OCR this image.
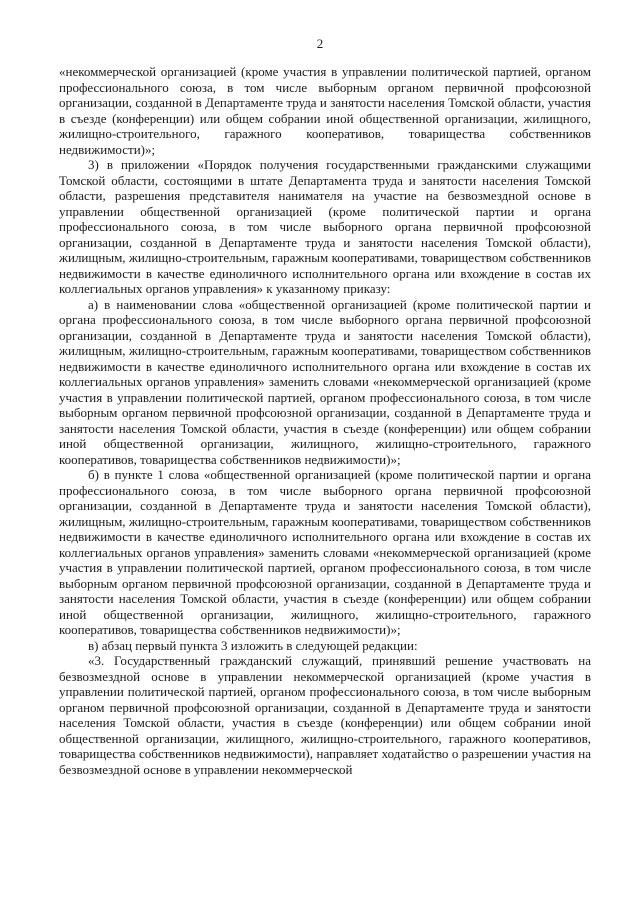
2

«некоммерческой организацией (кроме участия в управлении политической партией, органом профессионального союза, в том числе выборным органом первичной профсоюзной организации, созданной в Департаменте труда и занятости населения Томской области, участия в съезде (конференции) или общем собрании иной общественной организации, жилищного, жилищно-строительного, гаражного кооперативов, товарищества собственников недвижимости)»;

3) в приложении «Порядок получения государственными гражданскими служащими Томской области, состоящими в штате Департамента труда и занятости населения Томской области, разрешения представителя нанимателя на участие на безвозмездной основе в управлении общественной организацией (кроме политической партии и органа профессионального союза, в том числе выборного органа первичной профсоюзной организации, созданной в Департаменте труда и занятости населения Томской области), жилищным, жилищно-строительным, гаражным кооперативами, товариществом собственников недвижимости в качестве единоличного исполнительного органа или вхождение в состав их коллегиальных органов управления» к указанному приказу:

а) в наименовании слова «общественной организацией (кроме политической партии и органа профессионального союза, в том числе выборного органа первичной профсоюзной организации, созданной в Департаменте труда и занятости населения Томской области), жилищным, жилищно-строительным, гаражным кооперативами, товариществом собственников недвижимости в качестве единоличного исполнительного органа или вхождение в состав их коллегиальных органов управления» заменить словами «некоммерческой организацией (кроме участия в управлении политической партией, органом профессионального союза, в том числе выборным органом первичной профсоюзной организации, созданной в Департаменте труда и занятости населения Томской области, участия в съезде (конференции) или общем собрании иной общественной организации, жилищного, жилищно-строительного, гаражного кооперативов, товарищества собственников недвижимости)»;

б) в пункте 1 слова «общественной организацией (кроме политической партии и органа профессионального союза, в том числе выборного органа первичной профсоюзной организации, созданной в Департаменте труда и занятости населения Томской области), жилищным, жилищно-строительным, гаражным кооперативами, товариществом собственников недвижимости в качестве единоличного исполнительного органа или вхождение в состав их коллегиальных органов управления» заменить словами «некоммерческой организацией (кроме участия в управлении политической партией, органом профессионального союза, в том числе выборным органом первичной профсоюзной организации, созданной в Департаменте труда и занятости населения Томской области, участия в съезде (конференции) или общем собрании иной общественной организации, жилищного, жилищно-строительного, гаражного кооперативов, товарищества собственников недвижимости)»;

в) абзац первый пункта 3 изложить в следующей редакции:

«3. Государственный гражданский служащий, принявший решение участвовать на безвозмездной основе в управлении некоммерческой организацией (кроме участия в управлении политической партией, органом профессионального союза, в том числе выборным органом первичной профсоюзной организации, созданной в Департаменте труда и занятости населения Томской области, участия в съезде (конференции) или общем собрании иной общественной организации, жилищного, жилищно-строительного, гаражного кооперативов, товарищества собственников недвижимости), направляет ходатайство о разрешении участия на безвозмездной основе в управлении некоммерческой
